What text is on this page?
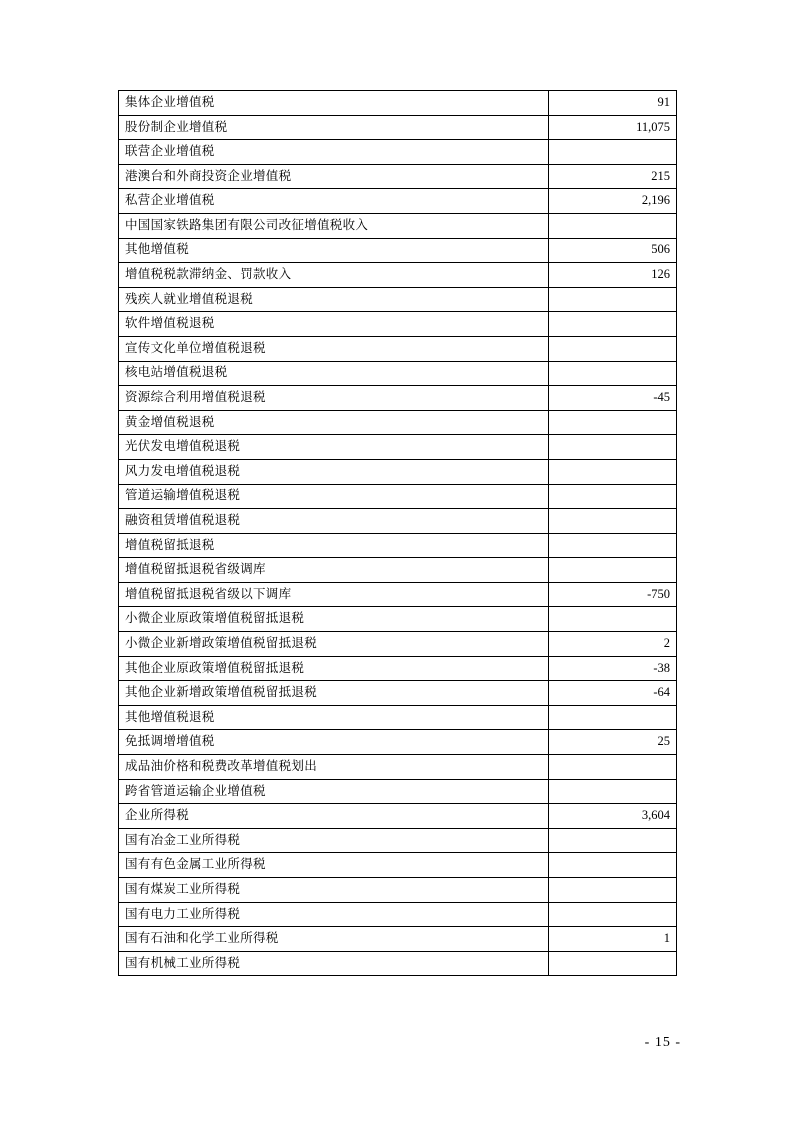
集体企业增值税	91
股份制企业增值税	11,075
联营企业增值税	
港澳台和外商投资企业增值税	215
私营企业增值税	2,196
中国国家铁路集团有限公司改征增值税收入	
其他增值税	506
增值税税款滞纳金、罚款收入	126
残疾人就业增值税退税	
软件增值税退税	
宣传文化单位增值税退税	
核电站增值税退税	
资源综合利用增值税退税	-45
黄金增值税退税	
光伏发电增值税退税	
风力发电增值税退税	
管道运输增值税退税	
融资租赁增值税退税	
增值税留抵退税	
增值税留抵退税省级调库	
增值税留抵退税省级以下调库	-750
小微企业原政策增值税留抵退税	
小微企业新增政策增值税留抵退税	2
其他企业原政策增值税留抵退税	-38
其他企业新增政策增值税留抵退税	-64
其他增值税退税	
免抵调增增值税	25
成品油价格和税费改革增值税划出	
跨省管道运输企业增值税	
企业所得税	3,604
国有冶金工业所得税	
国有有色金属工业所得税	
国有煤炭工业所得税	
国有电力工业所得税	
国有石油和化学工业所得税	1
国有机械工业所得税	
- 15 -
